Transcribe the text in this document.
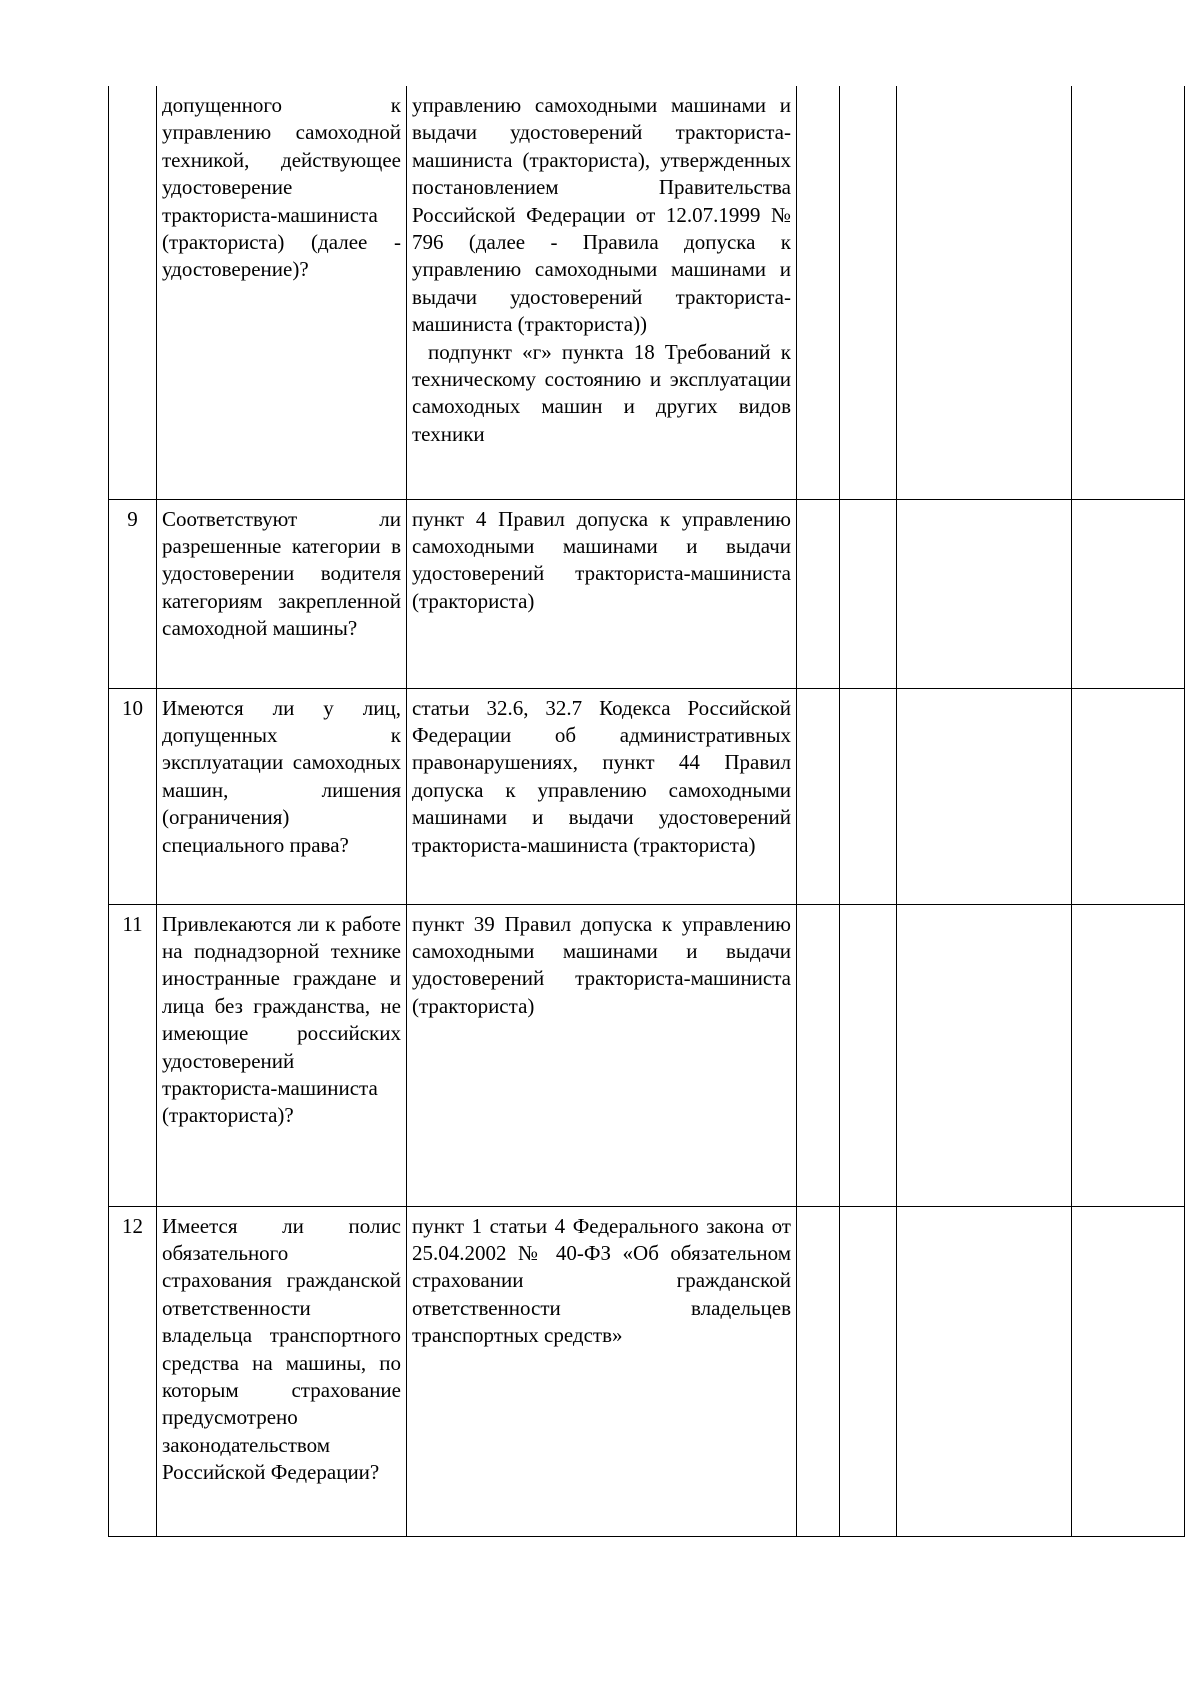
	допущенного к управлению самоходной техникой, действующее удостоверение тракториста-машиниста (тракториста) (далее - удостоверение)?	управлению самоходными машинами и выдачи удостоверений тракториста-машиниста (тракториста), утвержденных постановлением Правительства Российской Федерации от 12.07.1999 № 796 (далее - Правила допуска к управлению самоходными машинами и выдачи удостоверений тракториста-машиниста (тракториста))
подпункт «г» пункта 18 Требований к техническому состоянию и эксплуатации самоходных машин и других видов техники				

9	Соответствуют ли разрешенные категории в удостоверении водителя категориям закрепленной самоходной машины?	пункт 4 Правил допуска к управлению самоходными машинами и выдачи удостоверений тракториста-машиниста (тракториста)				
10	Имеются ли у лиц, допущенных к эксплуатации самоходных машин, лишения (ограничения) специального права?	статьи 32.6, 32.7 Кодекса Российской Федерации об административных правонарушениях, пункт 44 Правил допуска к управлению самоходными машинами и выдачи удостоверений тракториста-машиниста (тракториста)				
11	Привлекаются ли к работе на поднадзорной технике иностранные граждане и лица без гражданства, не имеющие российских удостоверений тракториста-машиниста (тракториста)?	пункт 39 Правил допуска к управлению самоходными машинами и выдачи удостоверений тракториста-машиниста (тракториста)				
12	Имеется ли полис обязательного страхования гражданской ответственности владельца транспортного средства на машины, по которым страхование предусмотрено законодательством Российской Федерации?	пункт 1 статьи 4 Федерального закона от 25.04.2002 № 40-ФЗ «Об обязательном страховании гражданской ответственности владельцев транспортных средств»				
